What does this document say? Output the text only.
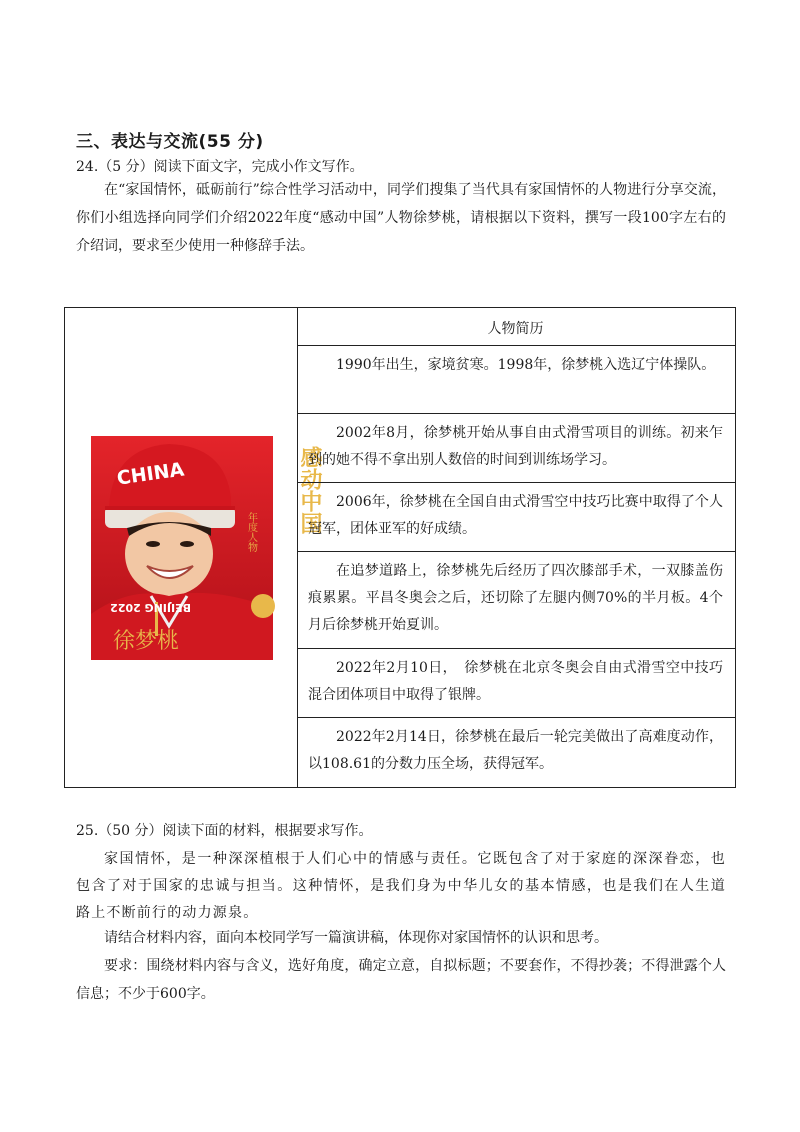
三、表达与交流(55 分)
24.（5 分）阅读下面文字，完成小作文写作。
在“家国情怀，砥砺前行”综合性学习活动中，同学们搜集了当代具有家国情怀的人物进行分享交流，你们小组选择向同学们介绍2022年度“感动中国”人物徐梦桃，请根据以下资料，撰写一段100字左右的介绍词，要求至少使用一种修辞手法。
CHINA
BEIJING 2022
感动中国
年度人物
徐梦桃
人物简历
1990年出生，家境贫寒。1998年，徐梦桃入选辽宁体操队。
2002年8月，徐梦桃开始从事自由式滑雪项目的训练。初来乍到的她不得不拿出别人数倍的时间到训练场学习。
2006年，徐梦桃在全国自由式滑雪空中技巧比赛中取得了个人冠军，团体亚军的好成绩。
在追梦道路上，徐梦桃先后经历了四次膝部手术，一双膝盖伤痕累累。平昌冬奥会之后，还切除了左腿内侧70%的半月板。4个月后徐梦桃开始夏训。
2022年2月10日，　徐梦桃在北京冬奥会自由式滑雪空中技巧混合团体项目中取得了银牌。
2022年2月14日，徐梦桃在最后一轮完美做出了高难度动作，以108.61的分数力压全场，获得冠军。
25.（50 分）阅读下面的材料，根据要求写作。
家国情怀，是一种深深植根于人们心中的情感与责任。它既包含了对于家庭的深深眷恋，也包含了对于国家的忠诚与担当。这种情怀，是我们身为中华儿女的基本情感，也是我们在人生道路上不断前行的动力源泉。
请结合材料内容，面向本校同学写一篇演讲稿，体现你对家国情怀的认识和思考。
要求：围绕材料内容与含义，选好角度，确定立意，自拟标题；不要套作，不得抄袭；不得泄露个人信息；不少于600字。
